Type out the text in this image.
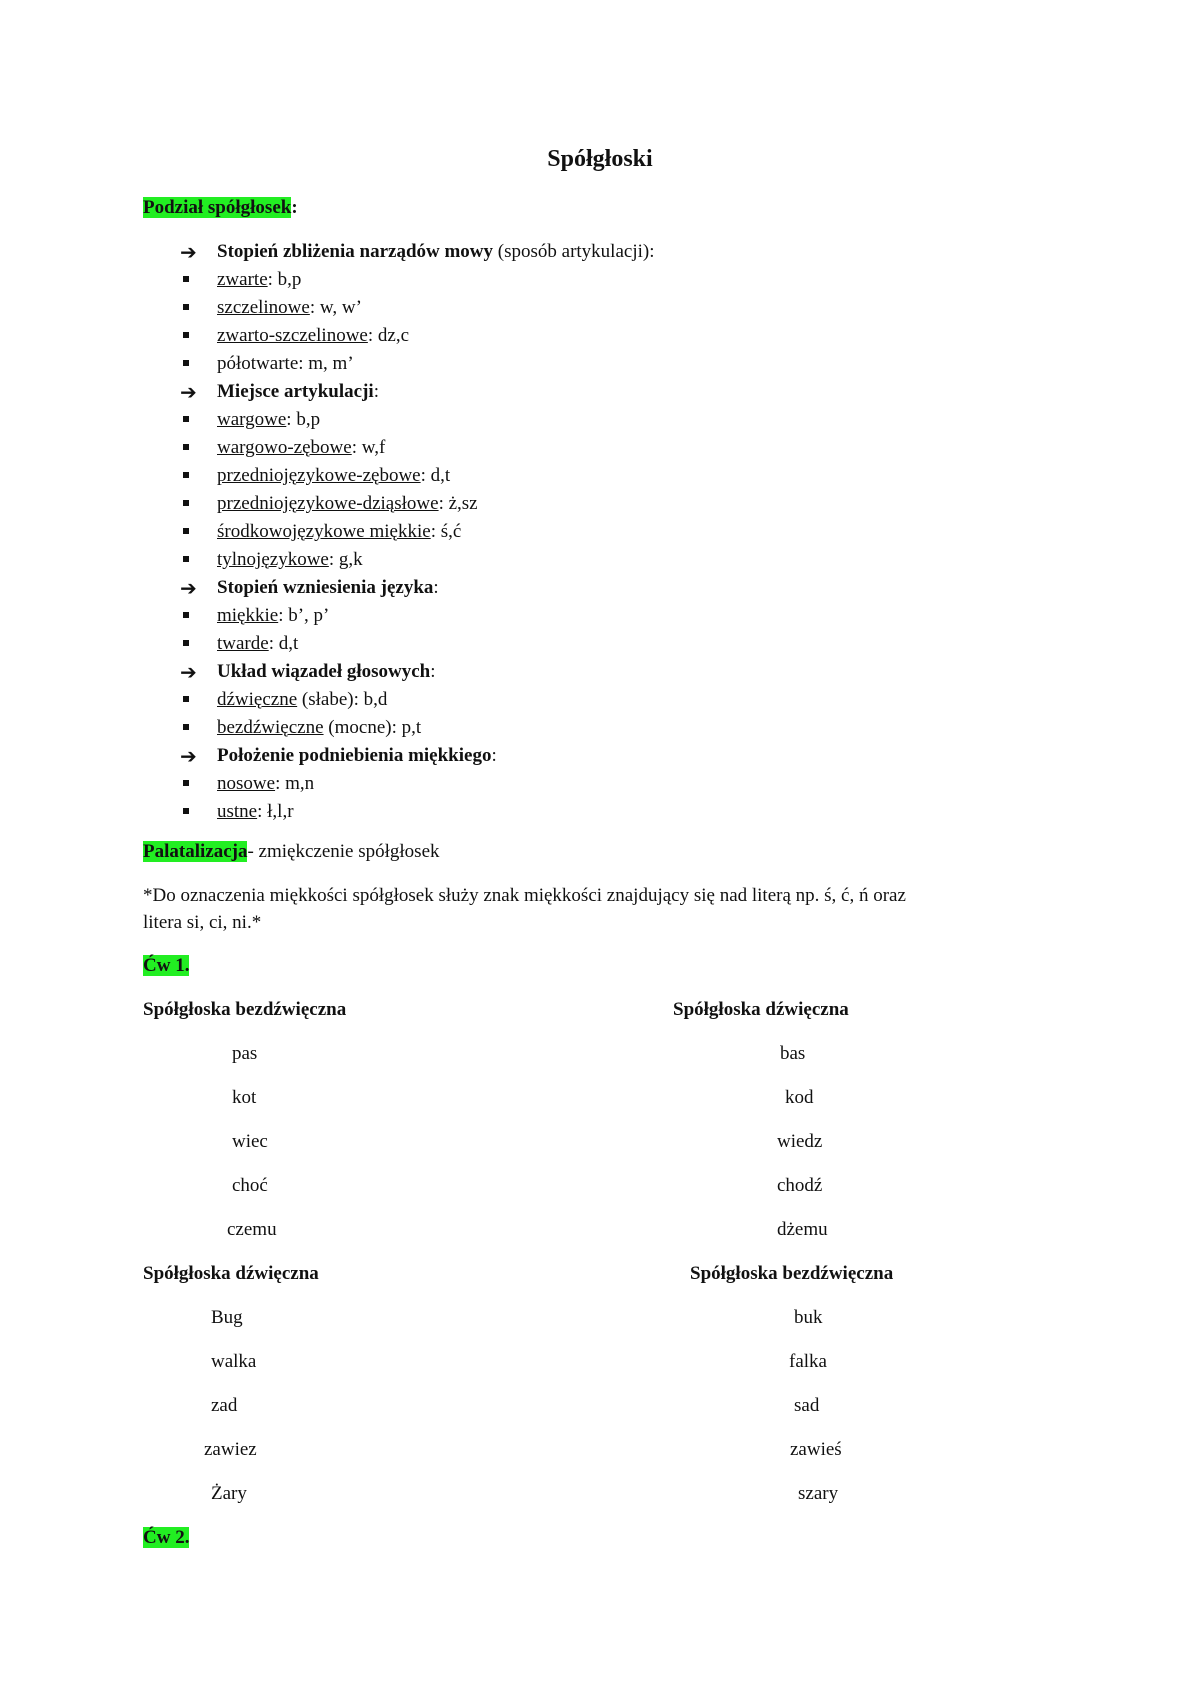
Spółgłoski
Podział spółgłosek:
➔ Stopień zbliżenia narządów mowy (sposób artykulacji):
zwarte: b,p
szczelinowe: w, w’
zwarto-szczelinowe: dz,c
półotwarte: m, m’
➔ Miejsce artykulacji:
wargowe: b,p
wargowo-zębowe: w,f
przedniojęzykowe-zębowe: d,t
przedniojęzykowe-dziąsłowe: ż,sz
środkowojęzykowe miękkie: ś,ć
tylnojęzykowe: g,k
➔ Stopień wzniesienia języka:
miękkie: b’, p’
twarde: d,t
➔ Układ wiązadeł głosowych:
dźwięczne (słabe): b,d
bezdźwięczne (mocne): p,t
➔ Położenie podniebienia miękkiego:
nosowe: m,n
ustne: ł,l,r
Palatalizacja- zmiękczenie spółgłosek
*Do oznaczenia miękkości spółgłosek służy znak miękkości znajdujący się nad literą np. ś, ć, ń oraz
litera si, ci, ni.*
Ćw 1.
Spółgłoska bezdźwięczna	Spółgłoska dźwięczna
pas
kot
wiec
choć
czemu
bas
kod
wiedz
chodź
dżemu
Spółgłoska dźwięczna	Spółgłoska bezdźwięczna
Bug
walka
zad
zawiez
Żary
buk
falka
sad
zawieś
szary
Ćw 2.
